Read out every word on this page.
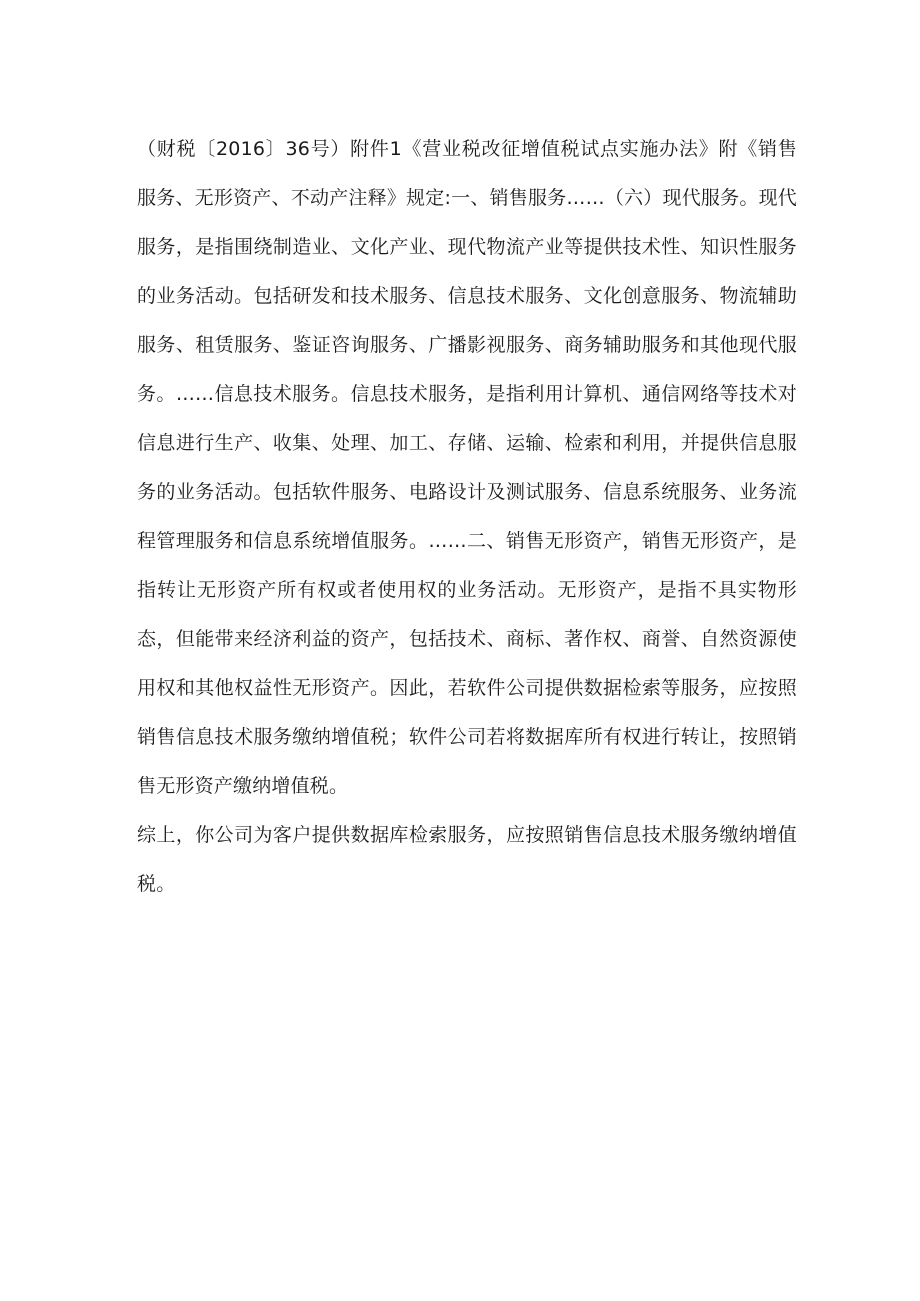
（财税〔2016〕36号）附件1《营业税改征增值税试点实施办法》附《销售服务、无形资产、不动产注释》规定:一、销售服务……（六）现代服务。现代服务，是指围绕制造业、文化产业、现代物流产业等提供技术性、知识性服务的业务活动。包括研发和技术服务、信息技术服务、文化创意服务、物流辅助服务、租赁服务、鉴证咨询服务、广播影视服务、商务辅助服务和其他现代服务。……信息技术服务。信息技术服务，是指利用计算机、通信网络等技术对信息进行生产、收集、处理、加工、存储、运输、检索和利用，并提供信息服务的业务活动。包括软件服务、电路设计及测试服务、信息系统服务、业务流程管理服务和信息系统增值服务。……二、销售无形资产，销售无形资产，是指转让无形资产所有权或者使用权的业务活动。无形资产，是指不具实物形态，但能带来经济利益的资产，包括技术、商标、著作权、商誉、自然资源使用权和其他权益性无形资产。因此，若软件公司提供数据检索等服务，应按照销售信息技术服务缴纳增值税；软件公司若将数据库所有权进行转让，按照销售无形资产缴纳增值税。

综上，你公司为客户提供数据库检索服务，应按照销售信息技术服务缴纳增值税。
